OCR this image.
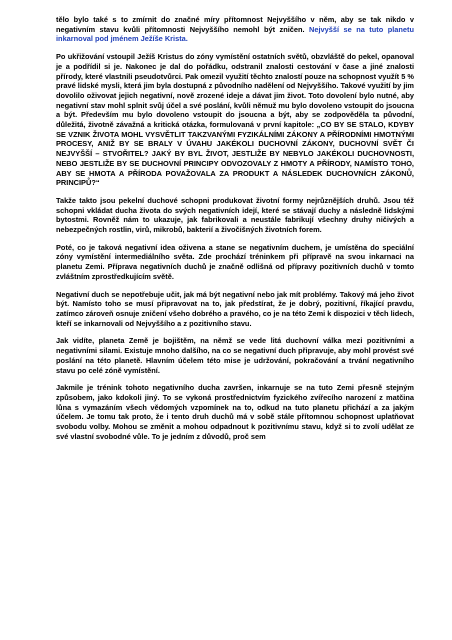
tělo bylo také s to zmírnit do značné míry přítomnost Nejvyššího v něm, aby se tak nikdo v negativním stavu kvůli přítomnosti Nejvyššího nemohl být zničen. Nejvyšší se na tuto planetu inkarnoval pod jménem Ježíše Krista.

Po ukřižování vstoupil Ježíš Kristus do zóny vymístění ostatních světů, obzvláště do pekel, opanoval je a podřídil si je. Nakonec je dal do pořádku, odstranil znalosti cestování v čase a jiné znalosti přírody, které vlastnili pseudotvůrci. Pak omezil využití těchto znalostí pouze na schopnost využít 5 % pravé lidské mysli, která jim byla dostupná z původního nadělení od Nejvyššího. Takové využití by jim dovolilo oživovat jejich negativní, nově zrozené ideje a dávat jim život. Toto dovolení bylo nutné, aby negativní stav mohl splnit svůj účel a své poslání, kvůli němuž mu bylo dovoleno vstoupit do jsoucna a být. Především mu bylo dovoleno vstoupit do jsoucna a být, aby se zodpověděla ta původní, důležitá, životně závažná a kritická otázka, formulovaná v první kapitole: „CO BY SE STALO, KDYBY SE VZNIK ŽIVOTA MOHL VYSVĚTLIT TAKZVANÝMI FYZIKÁLNÍMI ZÁKONY A PŘÍRODNÍMI HMOTNÝMI PROCESY, ANIŽ BY SE BRALY V ÚVAHU JAKÉKOLI DUCHOVNÍ ZÁKONY, DUCHOVNÍ SVĚT ČI NEJVYŠŠÍ – STVOŘITEL? JAKÝ BY BYL ŽIVOT, JESTLIŽE BY NEBYLO JAKÉKOLI DUCHOVNOSTI, NEBO JESTLIŽE BY SE DUCHOVNÍ PRINCIPY ODVOZOVALY Z HMOTY A PŘÍRODY, NAMÍSTO TOHO, ABY SE HMOTA A PŘÍRODA POVAŽOVALA ZA PRODUKT A NÁSLEDEK DUCHOVNÍCH ZÁKONŮ, PRINCIPŮ?“

Takže takto jsou pekelní duchové schopni produkovat životní formy nejrůznějších druhů. Jsou též schopni vkládat ducha života do svých negativních idejí, které se stávají duchy a následně lidskými bytostmi. Rovněž nám to ukazuje, jak fabrikovali a neustále fabrikují všechny druhy ničivých a nebezpečných rostlin, virů, mikrobů, bakterií a živočišných životních forem.

Poté, co je taková negativní idea oživena a stane se negativním duchem, je umístěna do speciální zóny vymístění intermediálního světa. Zde prochází tréninkem při přípravě na svou inkarnaci na planetu Zemi. Příprava negativních duchů je značně odlišná od přípravy pozitivních duchů v tomto zvláštním zprostředkujícím světě.

Negativní duch se nepotřebuje učit, jak má být negativní nebo jak mít problémy. Takový má jeho život být. Namísto toho se musí připravovat na to, jak předstírat, že je dobrý, pozitivní, říkající pravdu, zatímco zároveň osnuje zničení všeho dobrého a pravého, co je na této Zemi k dispozici v těch lidech, kteří se inkarnovali od Nejvyššího a z pozitivního stavu.

Jak vidíte, planeta Země je bojištěm, na němž se vede litá duchovní válka mezi pozitivními a negativními silami. Existuje mnoho dalšího, na co se negativní duch připravuje, aby mohl provést své poslání na této planetě. Hlavním účelem této mise je udržování, pokračování a trvání negativního stavu po celé zóně vymístění.

Jakmile je trénink tohoto negativního ducha završen, inkarnuje se na tuto Zemi přesně stejným způsobem, jako kdokoli jiný. To se vykoná prostřednictvím fyzického zvířecího narození z matčina lůna s vymazáním všech vědomých vzpomínek na to, odkud na tuto planetu přichází a za jakým účelem. Je tomu tak proto, že i tento druh duchů má v sobě stále přítomnou schopnost uplatňovat svobodu volby. Mohou se změnit a mohou odpadnout k pozitivnímu stavu, když si to zvolí udělat ze své vlastní svobodné vůle. To je jedním z důvodů, proč sem
